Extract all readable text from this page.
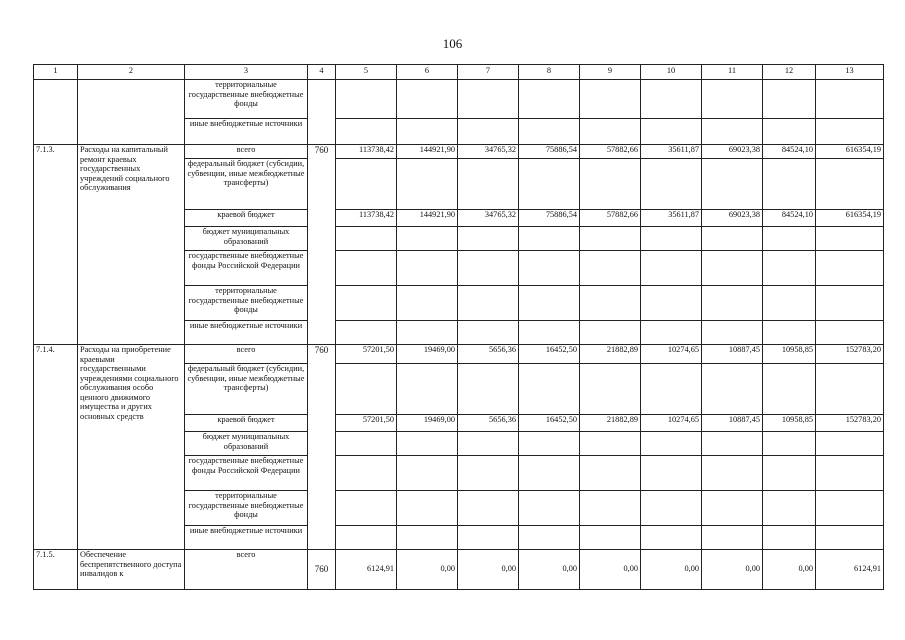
106
1	2	3	4	5	6	7	8	9	10	11	12	13
		территориальные государственные внебюджетные фонды										
		иные внебюджетные источники										
7.1.3.	Расходы на капитальный ремонт краевых государственных учреждений социального обслуживания	всего	760	113738,42	144921,90	34765,32	75886,54	57882,66	35611,87	69023,38	84524,10	616354,19
		федеральный бюджет (субсидии, субвенции, иные межбюджетные трансферты)										
		краевой бюджет		113738,42	144921,90	34765,32	75886,54	57882,66	35611,87	69023,38	84524,10	616354,19
		бюджет муниципальных образований										
		государственные внебюджетные фонды Российской Федерации										
		территориальные государственные внебюджетные фонды										
		иные внебюджетные источники										
7.1.4.	Расходы на приобретение краевыми государственными учреждениями социального обслуживания особо ценного движимого имущества и других основных средств	всего	760	57201,50	19469,00	5656,36	16452,50	21882,89	10274,65	10887,45	10958,85	152783,20
		федеральный бюджет (субсидии, субвенции, иные межбюджетные трансферты)										
		краевой бюджет		57201,50	19469,00	5656,36	16452,50	21882,89	10274,65	10887,45	10958,85	152783,20
		бюджет муниципальных образований										
		государственные внебюджетные фонды Российской Федерации										
		территориальные государственные внебюджетные фонды										
		иные внебюджетные источники										
7.1.5.	Обеспечение беспрепятственного доступа инвалидов к	всего	760	6124,91	0,00	0,00	0,00	0,00	0,00	0,00	0,00	6124,91
